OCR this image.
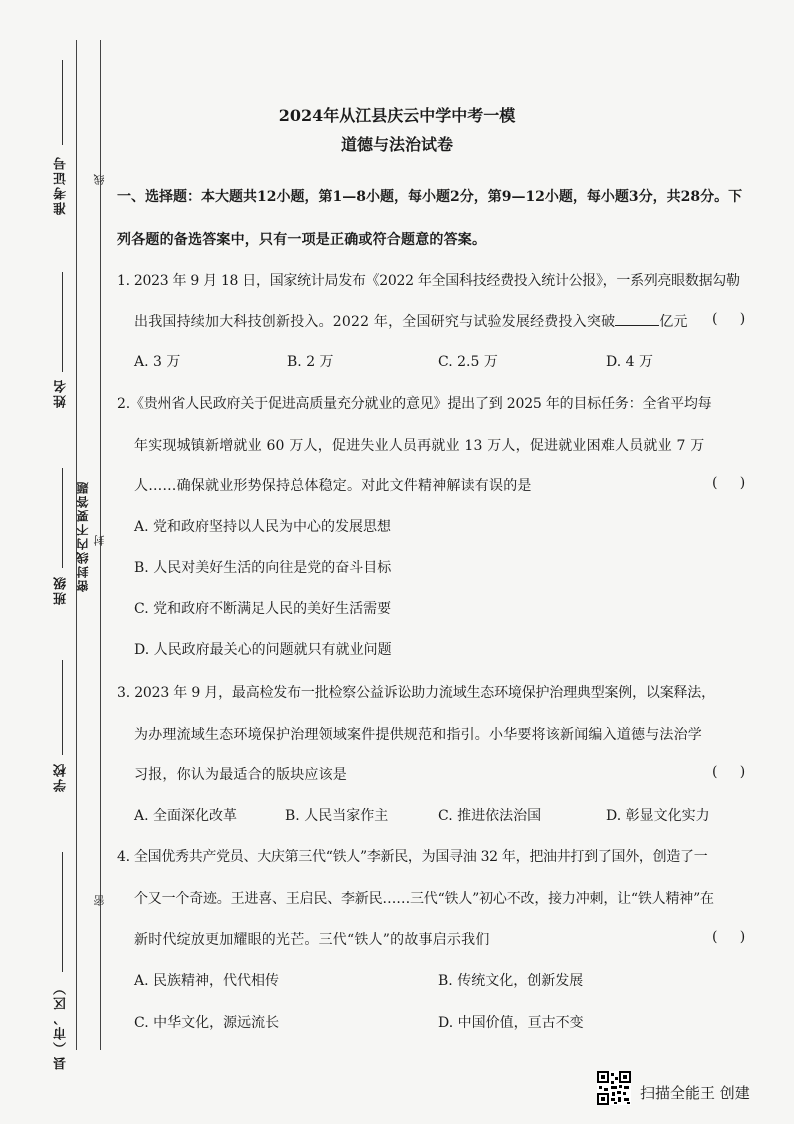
准考证号
姓名
密封线内不要答题
班级
学校
县（市、区）
线
封
密
2024年从江县庆云中学中考一模
道德与法治试卷
一、选择题：本大题共12小题，第1—8小题，每小题2分，第9—12小题，每小题3分，共28分。下
列各题的备选答案中，只有一项是正确或符合题意的答案。
1. 2023 年 9 月 18 日，国家统计局发布《2022 年全国科技经费投入统计公报》，一系列亮眼数据勾勒
出我国持续加大科技创新投入。2022 年，全国研究与试验发展经费投入突破	亿元 (     )
A. 3 万	B. 2 万	C. 2.5 万	D. 4 万
2.《贵州省人民政府关于促进高质量充分就业的意见》提出了到 2025 年的目标任务：全省平均每
年实现城镇新增就业 60 万人，促进失业人员再就业 13 万人，促进就业困难人员就业 7 万
人……确保就业形势保持总体稳定。对此文件精神解读有误的是	(     )
A. 党和政府坚持以人民为中心的发展思想
B. 人民对美好生活的向往是党的奋斗目标
C. 党和政府不断满足人民的美好生活需要
D. 人民政府最关心的问题就只有就业问题
3. 2023 年 9 月，最高检发布一批检察公益诉讼助力流域生态环境保护治理典型案例，以案释法，
为办理流域生态环境保护治理领域案件提供规范和指引。小华要将该新闻编入道德与法治学
习报，你认为最适合的版块应该是	(     )
A. 全面深化改革	B. 人民当家作主	C. 推进依法治国	D. 彰显文化实力
4. 全国优秀共产党员、大庆第三代“铁人”李新民，为国寻油 32 年，把油井打到了国外，创造了一
个又一个奇迹。王进喜、王启民、李新民……三代“铁人”初心不改，接力冲刺，让“铁人精神”在
新时代绽放更加耀眼的光芒。三代“铁人”的故事启示我们	(     )
A. 民族精神，代代相传	B. 传统文化，创新发展
C. 中华文化，源远流长	D. 中国价值，亘古不变
扫描全能王 创建
